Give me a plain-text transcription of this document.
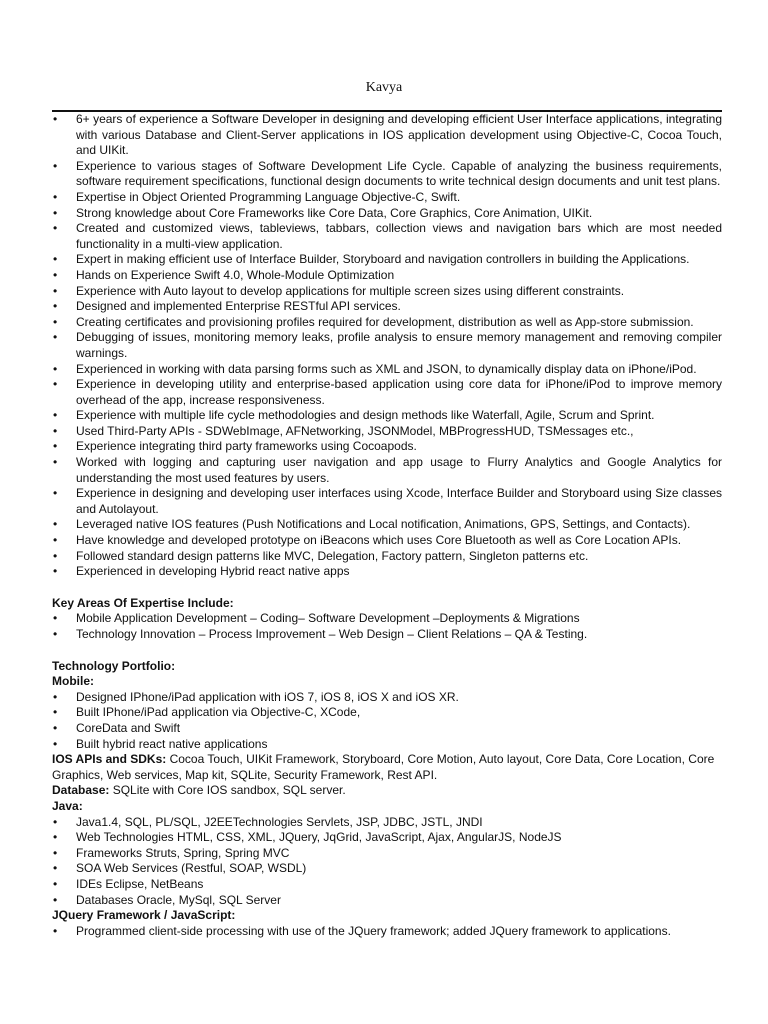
Kavya
• 6+ years of experience a Software Developer in designing and developing efficient User Interface applications, integrating with various Database and Client-Server applications in IOS application development using Objective-C, Cocoa Touch, and UIKit.
• Experience to various stages of Software Development Life Cycle. Capable of analyzing the business requirements, software requirement specifications, functional design documents to write technical design documents and unit test plans.
• Expertise in Object Oriented Programming Language Objective-C, Swift.
• Strong knowledge about Core Frameworks like Core Data, Core Graphics, Core Animation, UIKit.
• Created and customized views, tableviews, tabbars, collection views and navigation bars which are most needed functionality in a multi-view application.
• Expert in making efficient use of Interface Builder, Storyboard and navigation controllers in building the Applications.
• Hands on Experience Swift 4.0, Whole-Module Optimization
• Experience with Auto layout to develop applications for multiple screen sizes using different constraints.
• Designed and implemented Enterprise RESTful API services.
• Creating certificates and provisioning profiles required for development, distribution as well as App-store submission.
• Debugging of issues, monitoring memory leaks, profile analysis to ensure memory management and removing compiler warnings.
• Experienced in working with data parsing forms such as XML and JSON, to dynamically display data on iPhone/iPod.
• Experience in developing utility and enterprise-based application using core data for iPhone/iPod to improve memory overhead of the app, increase responsiveness.
• Experience with multiple life cycle methodologies and design methods like Waterfall, Agile, Scrum and Sprint.
• Used Third-Party APIs - SDWebImage, AFNetworking, JSONModel, MBProgressHUD, TSMessages etc.,
• Experience integrating third party frameworks using Cocoapods.
• Worked with logging and capturing user navigation and app usage to Flurry Analytics and Google Analytics for understanding the most used features by users.
• Experience in designing and developing user interfaces using Xcode, Interface Builder and Storyboard using Size classes and Autolayout.
• Leveraged native IOS features (Push Notifications and Local notification, Animations, GPS, Settings, and Contacts).
• Have knowledge and developed prototype on iBeacons which uses Core Bluetooth as well as Core Location APIs.
• Followed standard design patterns like MVC, Delegation, Factory pattern, Singleton patterns etc.
• Experienced in developing Hybrid react native apps
Key Areas Of Expertise Include:
• Mobile Application Development – Coding– Software Development –Deployments & Migrations
• Technology Innovation – Process Improvement – Web Design – Client Relations – QA & Testing.
Technology Portfolio:
Mobile:
• Designed IPhone/iPad application with iOS 7, iOS 8, iOS X and iOS XR.
• Built IPhone/iPad application via Objective-C, XCode,
• CoreData and Swift
• Built hybrid react native applications
IOS APIs and SDKs: Cocoa Touch, UIKit Framework, Storyboard, Core Motion, Auto layout, Core Data, Core Location, Core Graphics, Web services, Map kit, SQLite, Security Framework, Rest API.
Database: SQLite with Core IOS sandbox, SQL server.
Java:
• Java1.4, SQL, PL/SQL, J2EETechnologies Servlets, JSP, JDBC, JSTL, JNDI
• Web Technologies HTML, CSS, XML, JQuery, JqGrid, JavaScript, Ajax, AngularJS, NodeJS
• Frameworks Struts, Spring, Spring MVC
• SOA Web Services (Restful, SOAP, WSDL)
• IDEs Eclipse, NetBeans
• Databases Oracle, MySql, SQL Server
JQuery Framework / JavaScript:
• Programmed client-side processing with use of the JQuery framework; added JQuery framework to applications.
